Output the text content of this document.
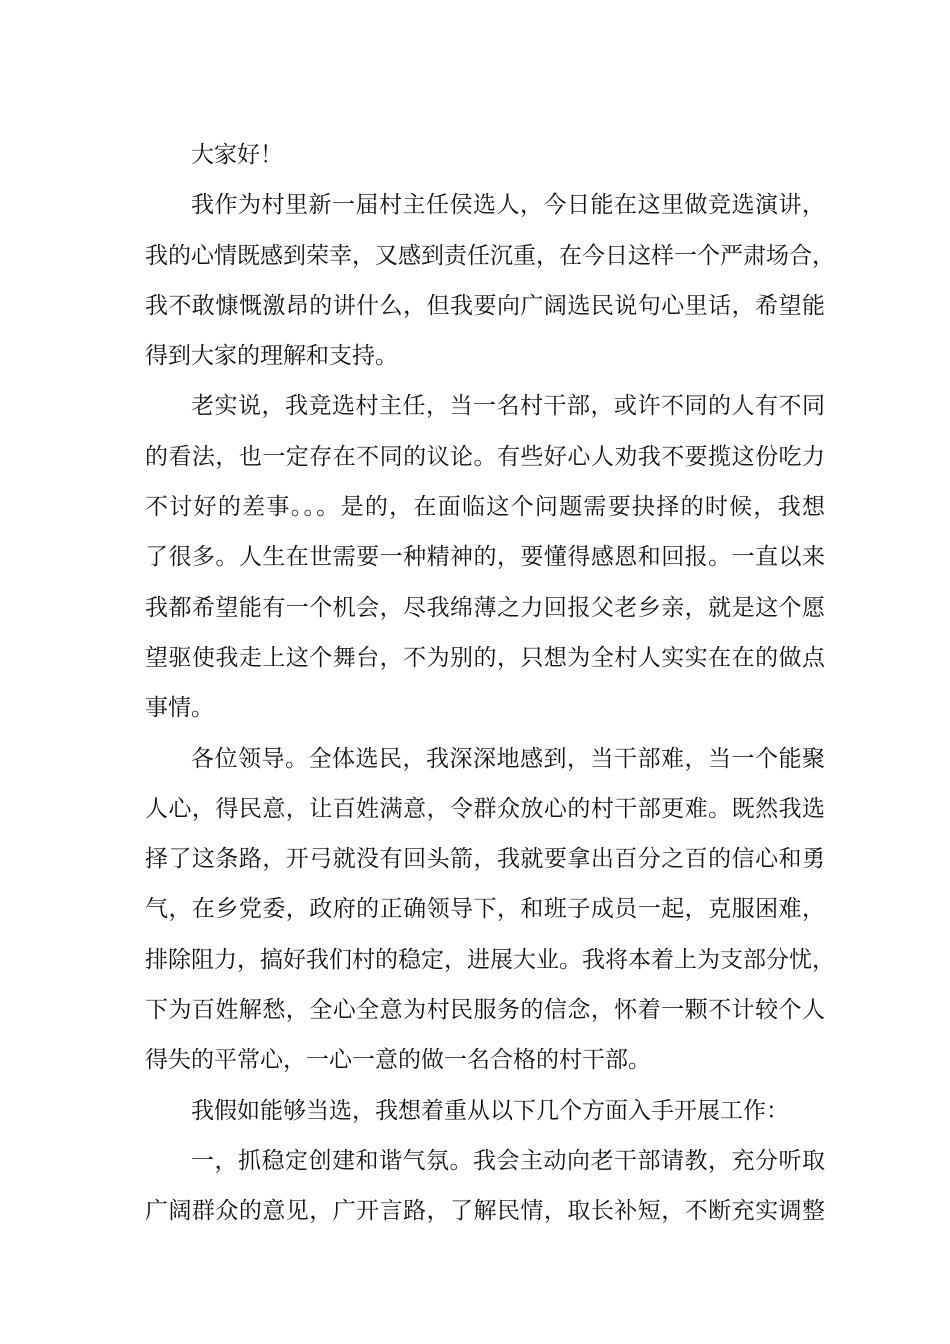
大家好！
我作为村里新一届村主任侯选人，今日能在这里做竞选演讲，
我的心情既感到荣幸，又感到责任沉重，在今日这样一个严肃场合，
我不敢慷慨激昂的讲什么，但我要向广阔选民说句心里话，希望能
得到大家的理解和支持。
老实说，我竞选村主任，当一名村干部，或许不同的人有不同
的看法，也一定存在不同的议论。有些好心人劝我不要揽这份吃力
不讨好的差事。。。是的，在面临这个问题需要抉择的时候，我想
了很多。人生在世需要一种精神的，要懂得感恩和回报。一直以来
我都希望能有一个机会，尽我绵薄之力回报父老乡亲，就是这个愿
望驱使我走上这个舞台，不为别的，只想为全村人实实在在的做点
事情。
各位领导。全体选民，我深深地感到，当干部难，当一个能聚
人心，得民意，让百姓满意，令群众放心的村干部更难。既然我选
择了这条路，开弓就没有回头箭，我就要拿出百分之百的信心和勇
气，在乡党委，政府的正确领导下，和班子成员一起，克服困难，
排除阻力，搞好我们村的稳定，进展大业。我将本着上为支部分忧，
下为百姓解愁，全心全意为村民服务的信念，怀着一颗不计较个人
得失的平常心，一心一意的做一名合格的村干部。
我假如能够当选，我想着重从以下几个方面入手开展工作：
一，抓稳定创建和谐气氛。我会主动向老干部请教，充分听取
广阔群众的意见，广开言路，了解民情，取长补短，不断充实调整
